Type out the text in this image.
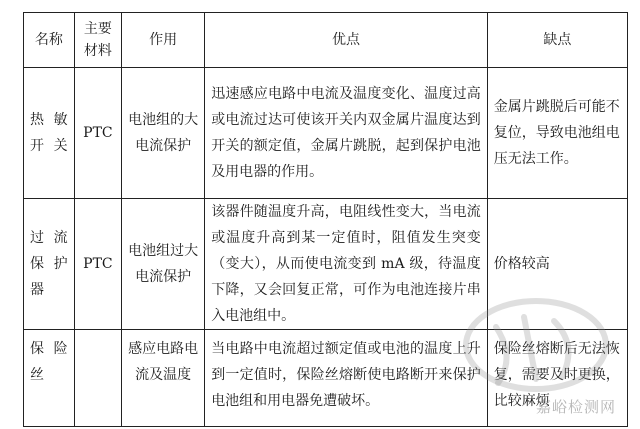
名称	主要材料	作用	优点	缺点
热敏开关	PTC	电池组的大电流保护	迅速感应电路中电流及温度变化、温度过高或电流过达可使该开关内双金属片温度达到开关的额定值，金属片跳脱，起到保护电池及用电器的作用。	金属片跳脱后可能不复位，导致电池组电压无法工作。
过流保护器	PTC	电池组过大电流保护	该器件随温度升高，电阻线性变大，当电流或温度升高到某一定值时，阻值发生突变（变大），从而使电流变到 mA 级，待温度下降，又会回复正常，可作为电池连接片串入电池组中。	价格较高
保险丝		感应电路电流及温度	当电路中电流超过额定值或电池的温度上升到一定值时，保险丝熔断使电路断开来保护电池组和用电器免遭破坏。	保险丝熔断后无法恢复，需要及时更换，比较麻烦
嘉峪检测网
